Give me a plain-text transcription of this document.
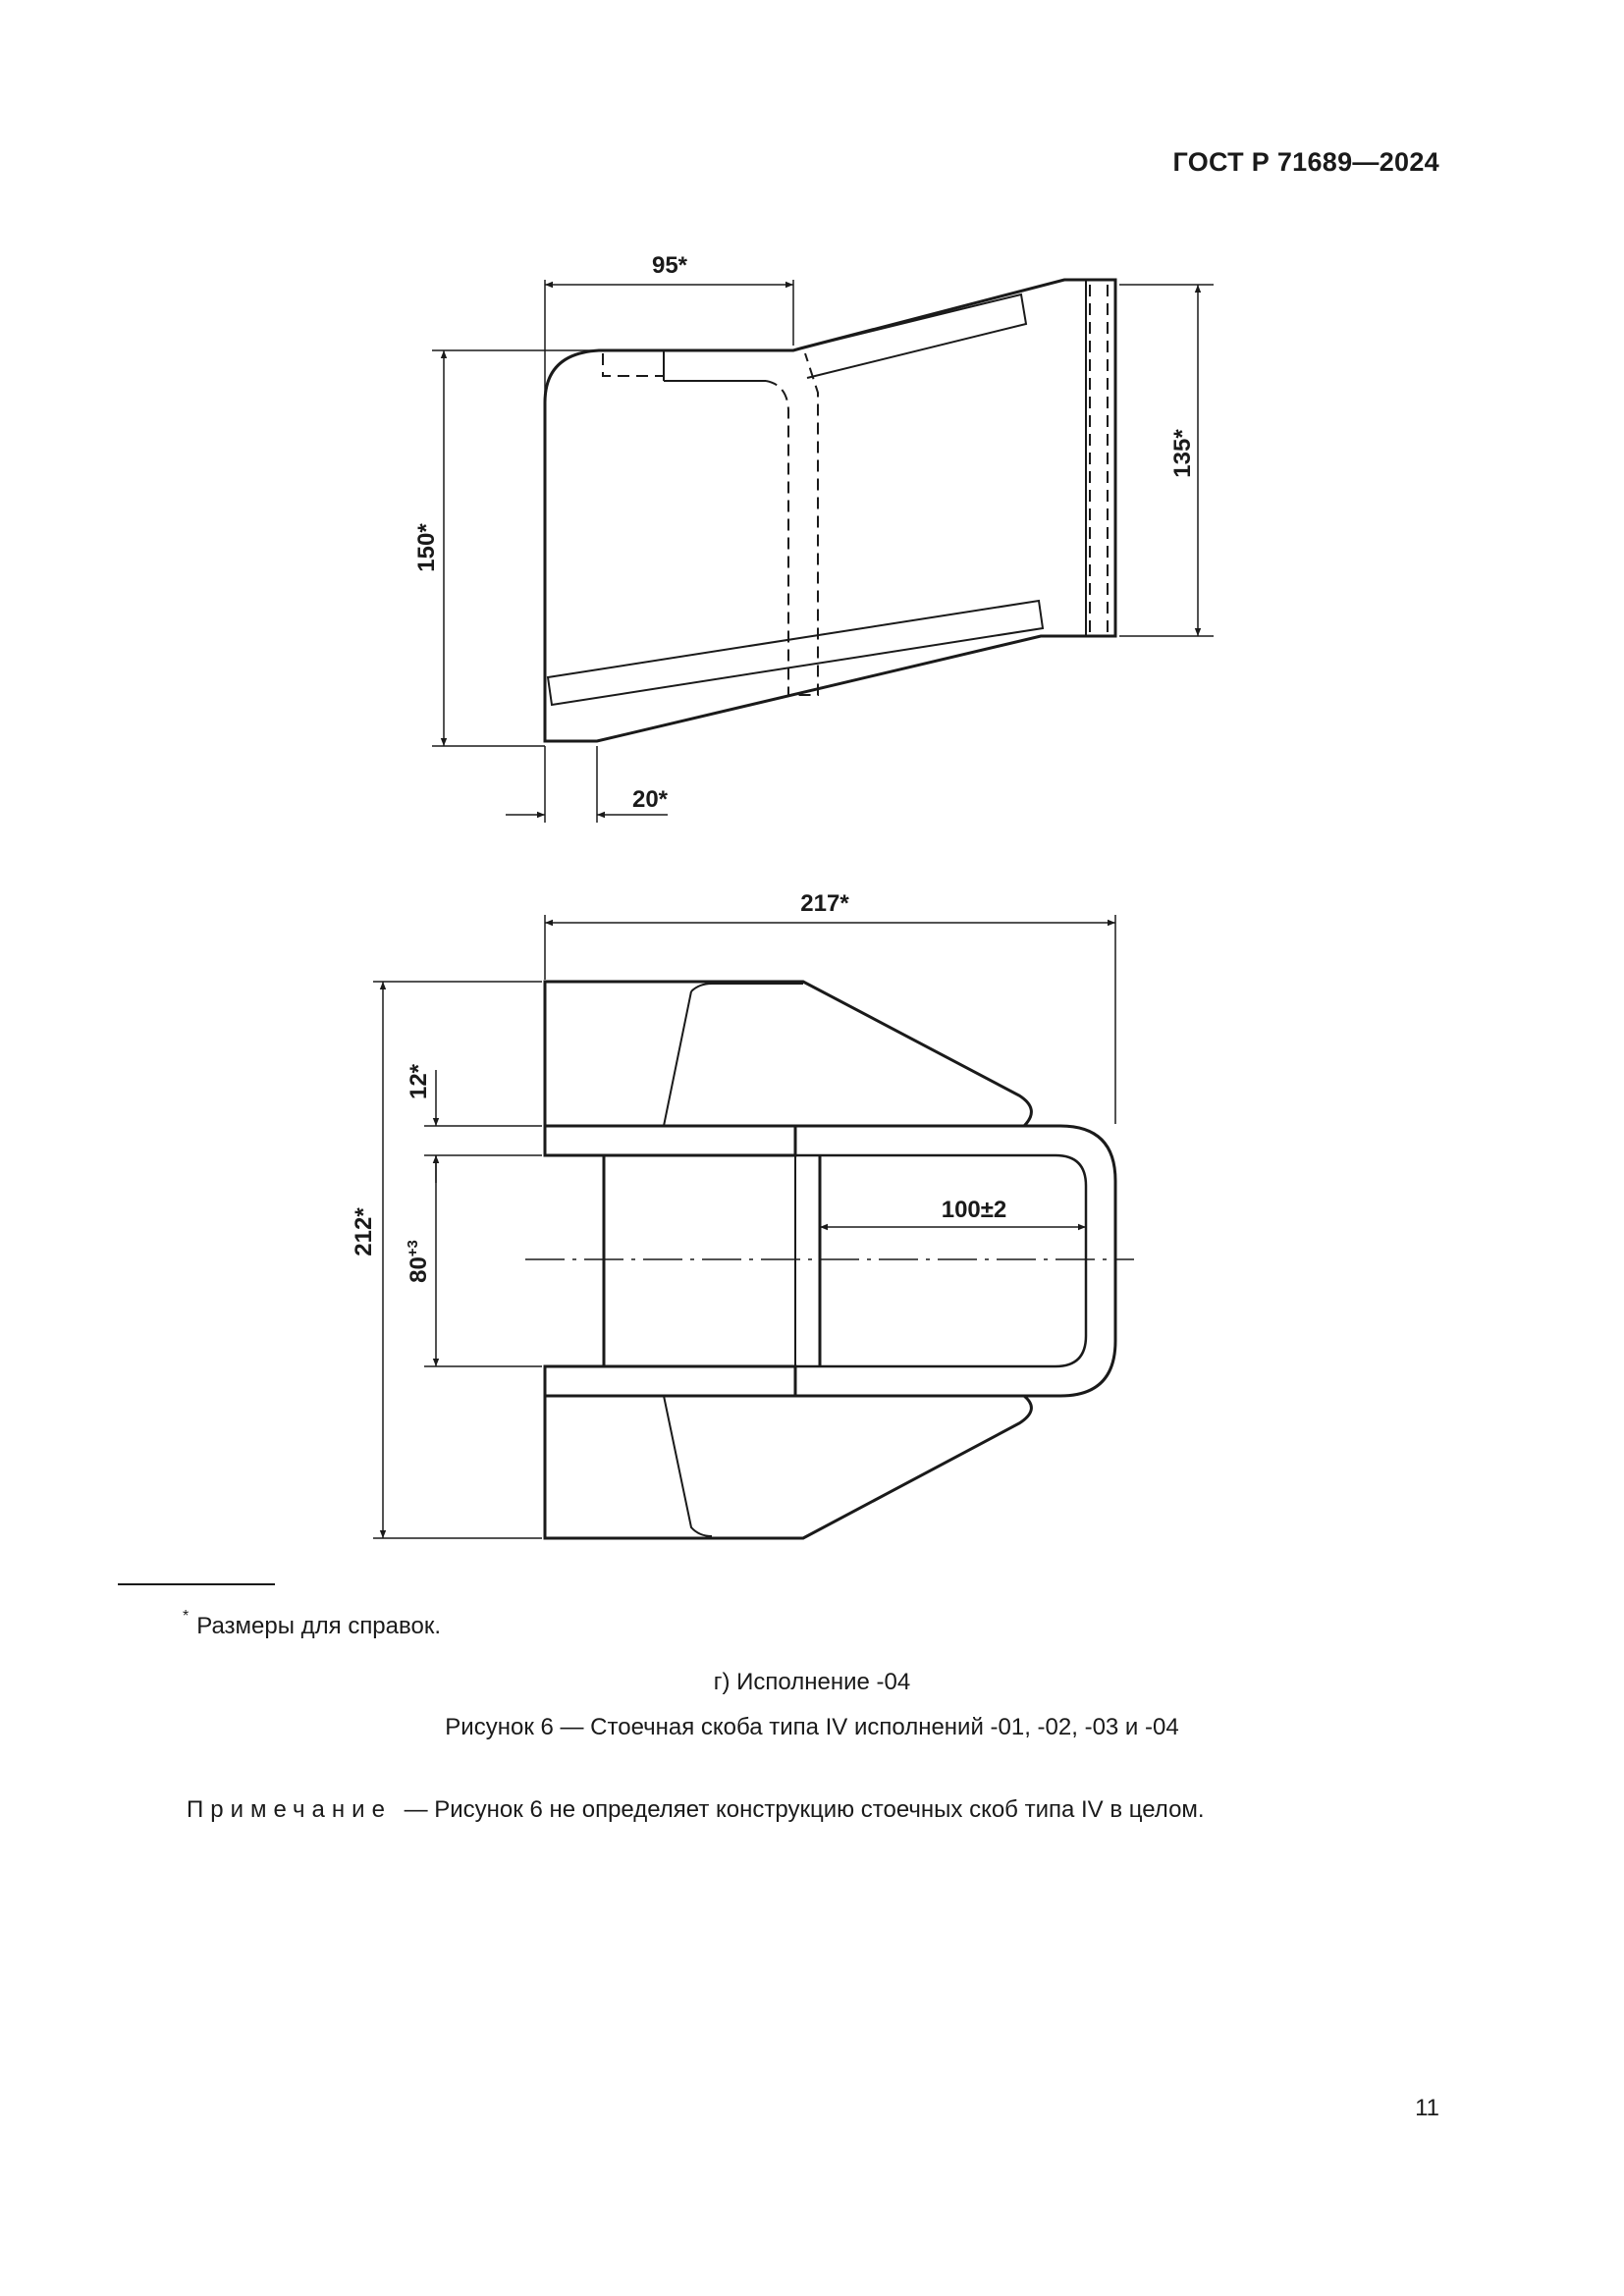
ГОСТ Р 71689—2024
95*
150*
135*
20*
217*
212*
12*
$80^{+3}$
100±2
* Размеры для справок.
г) Исполнение -04
Рисунок 6 — Стоечная скоба типа IV исполнений -01, -02, -03 и -04
Примечание — Рисунок 6 не определяет конструкцию стоечных скоб типа IV в целом.
11
